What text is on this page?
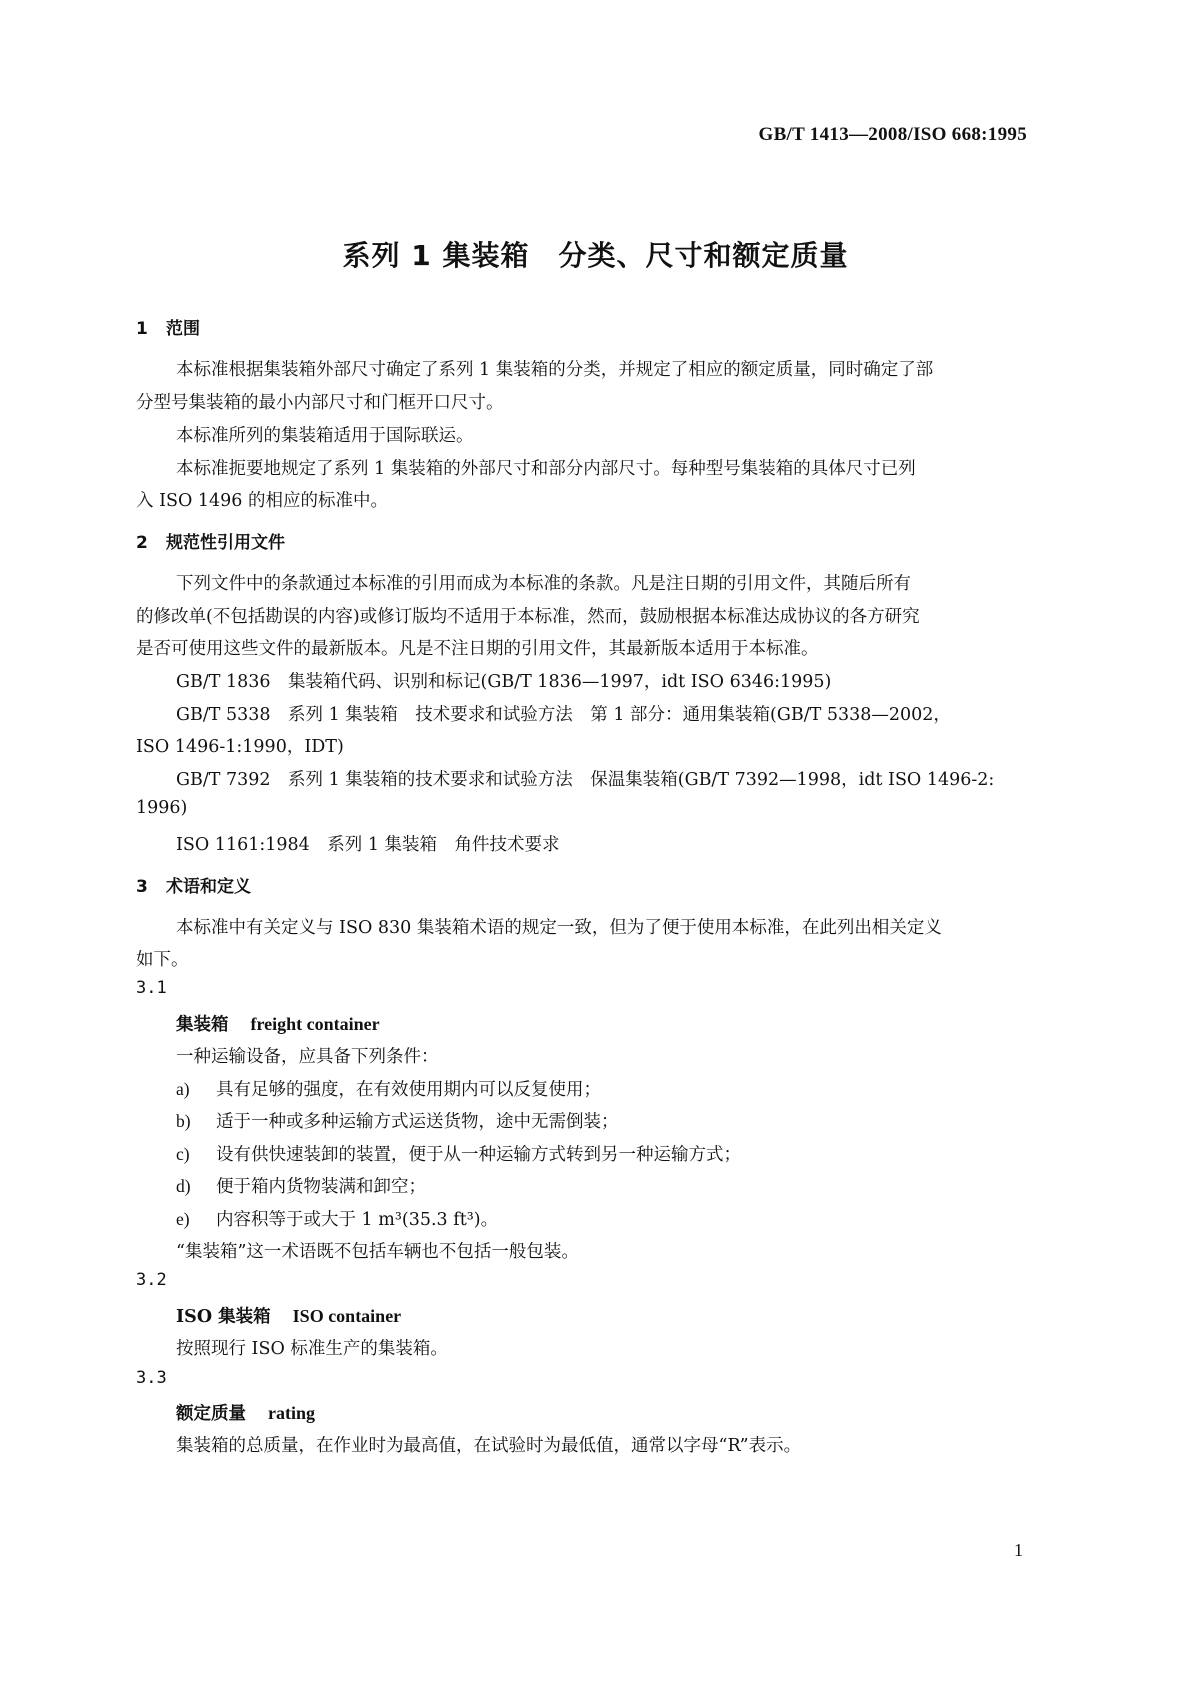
GB/T 1413—2008/ISO 668:1995
系列 1 集装箱　分类、尺寸和额定质量
1 范围
本标准根据集装箱外部尺寸确定了系列 1 集装箱的分类，并规定了相应的额定质量，同时确定了部
分型号集装箱的最小内部尺寸和门框开口尺寸。
本标准所列的集装箱适用于国际联运。
本标准扼要地规定了系列 1 集装箱的外部尺寸和部分内部尺寸。每种型号集装箱的具体尺寸已列
入 ISO 1496 的相应的标准中。
2 规范性引用文件
下列文件中的条款通过本标准的引用而成为本标准的条款。凡是注日期的引用文件，其随后所有
的修改单(不包括勘误的内容)或修订版均不适用于本标准，然而，鼓励根据本标准达成协议的各方研究
是否可使用这些文件的最新版本。凡是不注日期的引用文件，其最新版本适用于本标准。
GB/T 1836　集装箱代码、识别和标记(GB/T 1836—1997，idt ISO 6346:1995)
GB/T 5338　系列 1 集装箱　技术要求和试验方法　第 1 部分：通用集装箱(GB/T 5338—2002，
ISO 1496-1:1990，IDT)
GB/T 7392　系列 1 集装箱的技术要求和试验方法　保温集装箱(GB/T 7392—1998，idt ISO 1496-2:
1996)
ISO 1161:1984　系列 1 集装箱　角件技术要求
3 术语和定义
本标准中有关定义与 ISO 830 集装箱术语的规定一致，但为了便于使用本标准，在此列出相关定义
如下。
3.1
集装箱 freight container
一种运输设备，应具备下列条件：
a) 具有足够的强度，在有效使用期内可以反复使用；
b) 适于一种或多种运输方式运送货物，途中无需倒装；
c) 设有供快速装卸的装置，便于从一种运输方式转到另一种运输方式；
d) 便于箱内货物装满和卸空；
e) 内容积等于或大于 1 m³(35.3 ft³)。
“集装箱”这一术语既不包括车辆也不包括一般包装。
3.2
ISO 集装箱 ISO container
按照现行 ISO 标准生产的集装箱。
3.3
额定质量 rating
集装箱的总质量，在作业时为最高值，在试验时为最低值，通常以字母“R”表示。
1
